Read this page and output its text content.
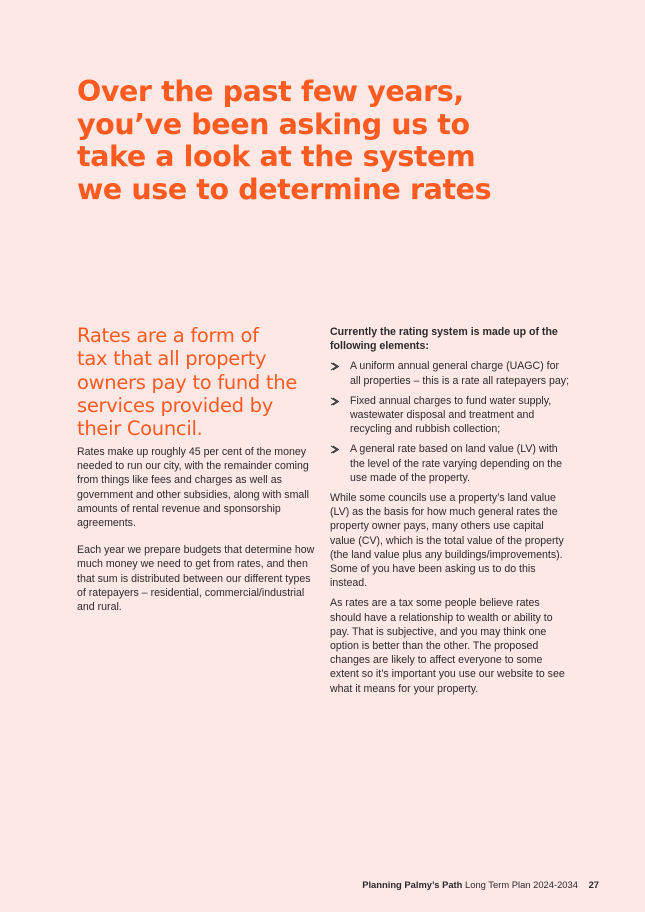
Over the past few years,
you’ve been asking us to
take a look at the system
we use to determine rates
Rates are a form of
tax that all property
owners pay to fund the
services provided by
their Council.

Rates make up roughly 45 per cent of the money needed to run our city, with the remainder coming from things like fees and charges as well as government and other subsidies, along with small amounts of rental revenue and sponsorship agreements.

Each year we prepare budgets that determine how much money we need to get from rates, and then that sum is distributed between our different types of ratepayers – residential, commercial/industrial and rural.

Currently the rating system is made up of the following elements:

A uniform annual general charge (UAGC) for all properties – this is a rate all ratepayers pay;
Fixed annual charges to fund water supply, wastewater disposal and treatment and recycling and rubbish collection;
A general rate based on land value (LV) with the level of the rate varying depending on the use made of the property.

While some councils use a property’s land value (LV) as the basis for how much general rates the property owner pays, many others use capital value (CV), which is the total value of the property (the land value plus any buildings/improvements). Some of you have been asking us to do this instead.

As rates are a tax some people believe rates should have a relationship to wealth or ability to pay. That is subjective, and you may think one option is better than the other. The proposed changes are likely to affect everyone to some extent so it’s important you use our website to see what it means for your property.

Planning Palmy’s Path Long Term Plan 2024-2034 27
